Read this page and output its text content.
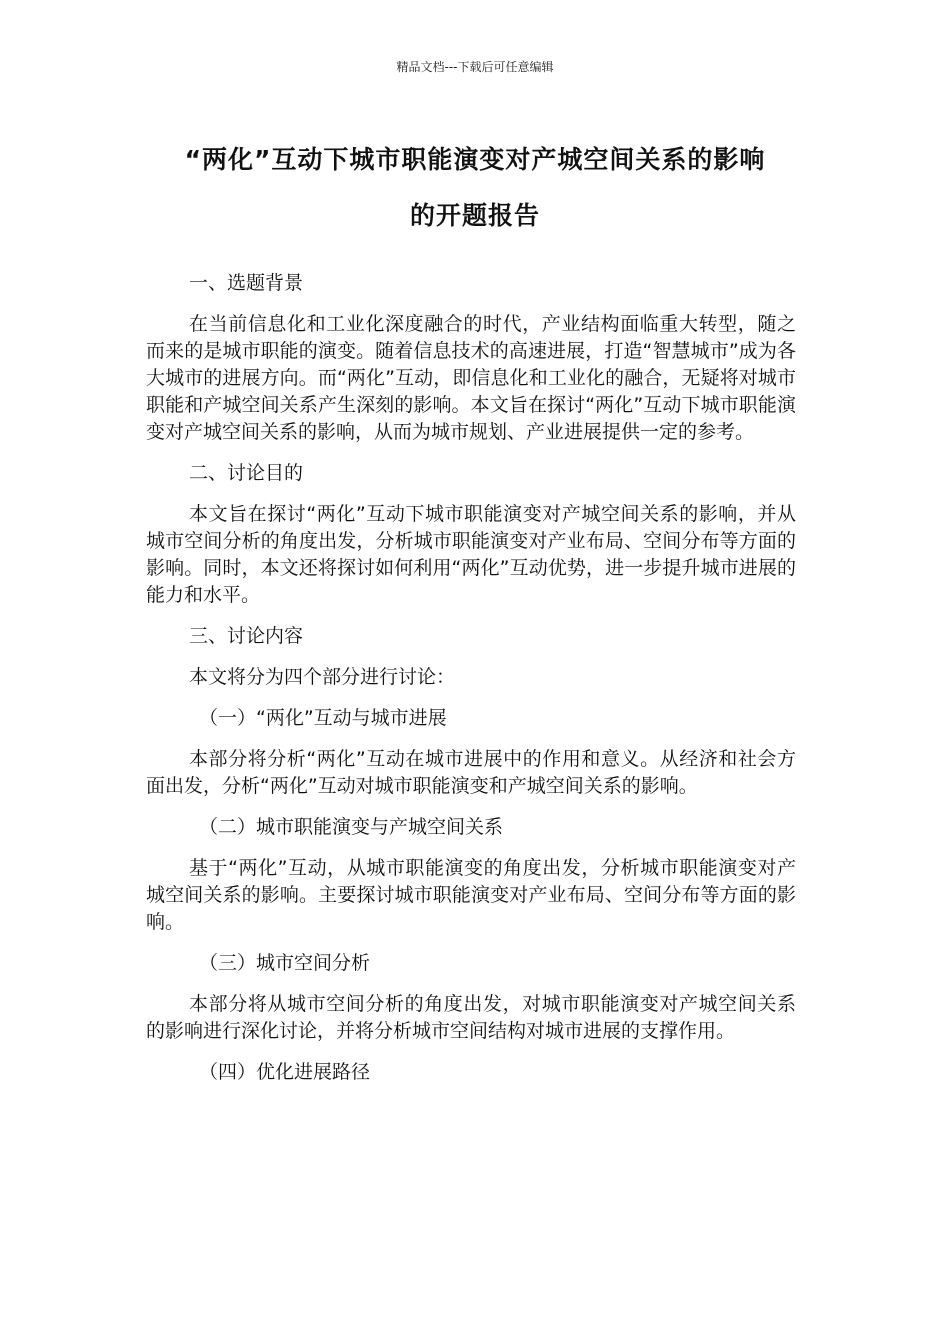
精品文档---下载后可任意编辑
“两化”互动下城市职能演变对产城空间关系的影响
的开题报告

一、选题背景

在当前信息化和工业化深度融合的时代，产业结构面临重大转型，随之而来的是城市职能的演变。随着信息技术的高速进展，打造“智慧城市”成为各大城市的进展方向。而“两化”互动，即信息化和工业化的融合，无疑将对城市职能和产城空间关系产生深刻的影响。本文旨在探讨“两化”互动下城市职能演变对产城空间关系的影响，从而为城市规划、产业进展提供一定的参考。

二、讨论目的

本文旨在探讨“两化”互动下城市职能演变对产城空间关系的影响，并从城市空间分析的角度出发，分析城市职能演变对产业布局、空间分布等方面的影响。同时，本文还将探讨如何利用“两化”互动优势，进一步提升城市进展的能力和水平。

三、讨论内容

本文将分为四个部分进行讨论：

（一）“两化”互动与城市进展

本部分将分析“两化”互动在城市进展中的作用和意义。从经济和社会方面出发，分析“两化”互动对城市职能演变和产城空间关系的影响。

（二）城市职能演变与产城空间关系

基于“两化”互动，从城市职能演变的角度出发，分析城市职能演变对产城空间关系的影响。主要探讨城市职能演变对产业布局、空间分布等方面的影响。

（三）城市空间分析

本部分将从城市空间分析的角度出发，对城市职能演变对产城空间关系的影响进行深化讨论，并将分析城市空间结构对城市进展的支撑作用。

（四）优化进展路径
